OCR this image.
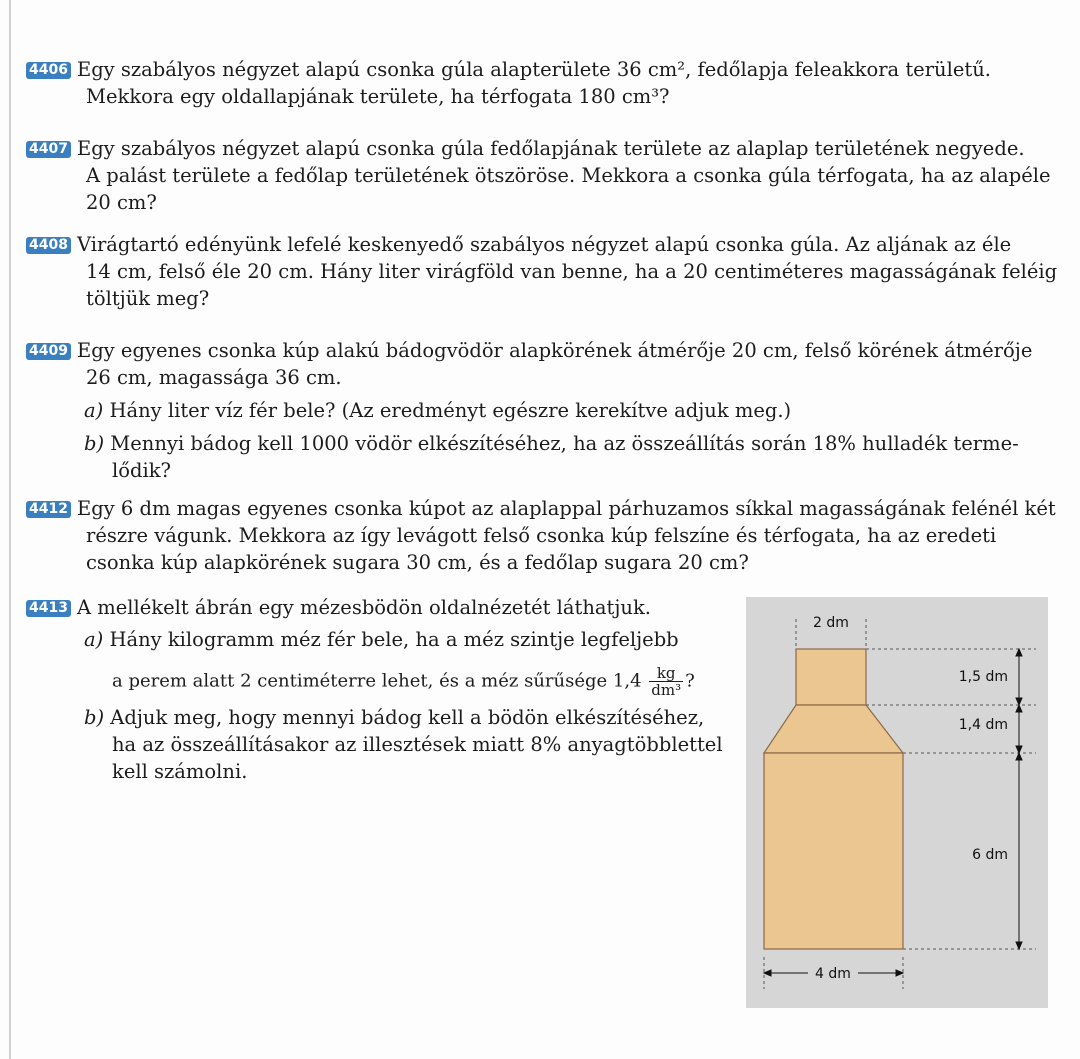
4406 Egy szabályos négyzet alapú csonka gúla alapterülete 36 cm², fedőlapja feleakkora területű.
Mekkora egy oldallapjának területe, ha térfogata 180 cm³?
4407 Egy szabályos négyzet alapú csonka gúla fedőlapjának területe az alaplap területének negyede.
A palást területe a fedőlap területének ötszöröse. Mekkora a csonka gúla térfogata, ha az alapéle
20 cm?
4408 Virágtartó edényünk lefelé keskenyedő szabályos négyzet alapú csonka gúla. Az aljának az éle
14 cm, felső éle 20 cm. Hány liter virágföld van benne, ha a 20 centiméteres magasságának feléig
töltjük meg?
4409 Egy egyenes csonka kúp alakú bádogvödör alapkörének átmérője 20 cm, felső körének átmérője
26 cm, magassága 36 cm.
a) Hány liter víz fér bele? (Az eredményt egészre kerekítve adjuk meg.)
b) Mennyi bádog kell 1000 vödör elkészítéséhez, ha az összeállítás során 18% hulladék terme-
lődik?
4412 Egy 6 dm magas egyenes csonka kúpot az alaplappal párhuzamos síkkal magasságának felénél két
részre vágunk. Mekkora az így levágott felső csonka kúp felszíne és térfogata, ha az eredeti
csonka kúp alapkörének sugara 30 cm, és a fedőlap sugara 20 cm?
4413 A mellékelt ábrán egy mézesbödön oldalnézetét láthatjuk.
a) Hány kilogramm méz fér bele, ha a méz szintje legfeljebb
a perem alatt 2 centiméterre lehet, és a méz sűrűsége $1,4 \frac{kg}{\text{dm³}}$ ?
b) Adjuk meg, hogy mennyi bádog kell a bödön elkészítéséhez,
ha az összeállításakor az illesztések miatt 8% anyagtöbblettel
kell számolni.
2 dm
1,5 dm
1,4 dm
6 dm
4 dm
